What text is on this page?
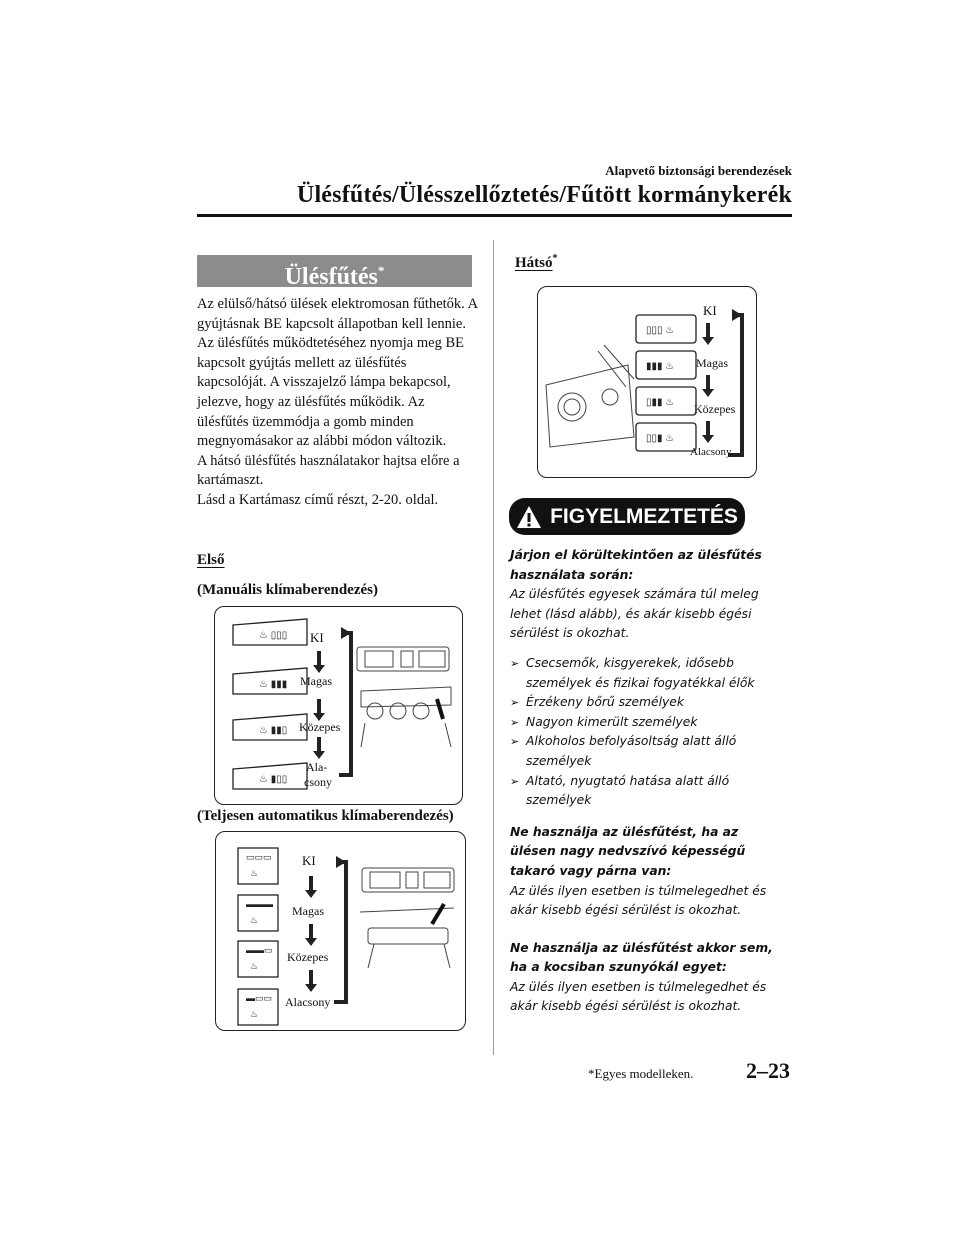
Alapvető biztonsági berendezések
Ülésfűtés/Ülésszellőztetés/Fűtött kormánykerék
Ülésfűtés*

Az elülső/hátsó ülések elektromosan fűthetők. A gyújtásnak BE kapcsolt állapotban kell lennie.

Az ülésfűtés működtetéséhez nyomja meg BE kapcsolt gyújtás mellett az ülésfűtés kapcsolóját. A visszajelző lámpa bekapcsol, jelezve, hogy az ülésfűtés működik. Az ülésfűtés üzemmódja a gomb minden megnyomásakor az alábbi módon változik.

A hátsó ülésfűtés használatakor hajtsa előre a kartámaszt.

Lásd a Kartámasz című részt, 2-20. oldal.

Első
(Manuális klímaberendezés)
♨ ▯▯▯
♨ ▮▮▮
♨ ▮▮▯
♨ ▮▯▯
KI
Magas
Közepes
Ala-
csony
(Teljesen automatikus klímaberendezés)
▭▭▭
♨
▬▬▬
♨
▬▬▭
♨
▬▭▭
♨
KI
Magas
Közepes
Alacsony
Hátsó*
▯▯▯ ♨
▮▮▮ ♨
▯▮▮ ♨
▯▯▮ ♨
KI
Magas
Közepes
Alacsony
FIGYELMEZTETÉS

Járjon el körültekintően az ülésfűtés használata során:

Az ülésfűtés egyesek számára túl meleg lehet (lásd alább), és akár kisebb égési sérülést is okozhat.

➢ Csecsemők, kisgyerekek, idősebb személyek és fizikai fogyatékkal élők
➢ Érzékeny bőrű személyek
➢ Nagyon kimerült személyek
➢ Alkoholos befolyásoltság alatt álló személyek
➢ Altató, nyugtató hatása alatt álló személyek

Ne használja az ülésfűtést, ha az ülésen nagy nedvszívó képességű takaró vagy párna van:

Az ülés ilyen esetben is túlmelegedhet és akár kisebb égési sérülést is okozhat.

Ne használja az ülésfűtést akkor sem, ha a kocsiban szunyókál egyet:

Az ülés ilyen esetben is túlmelegedhet és akár kisebb égési sérülést is okozhat.

*Egyes modelleken. 2–23
